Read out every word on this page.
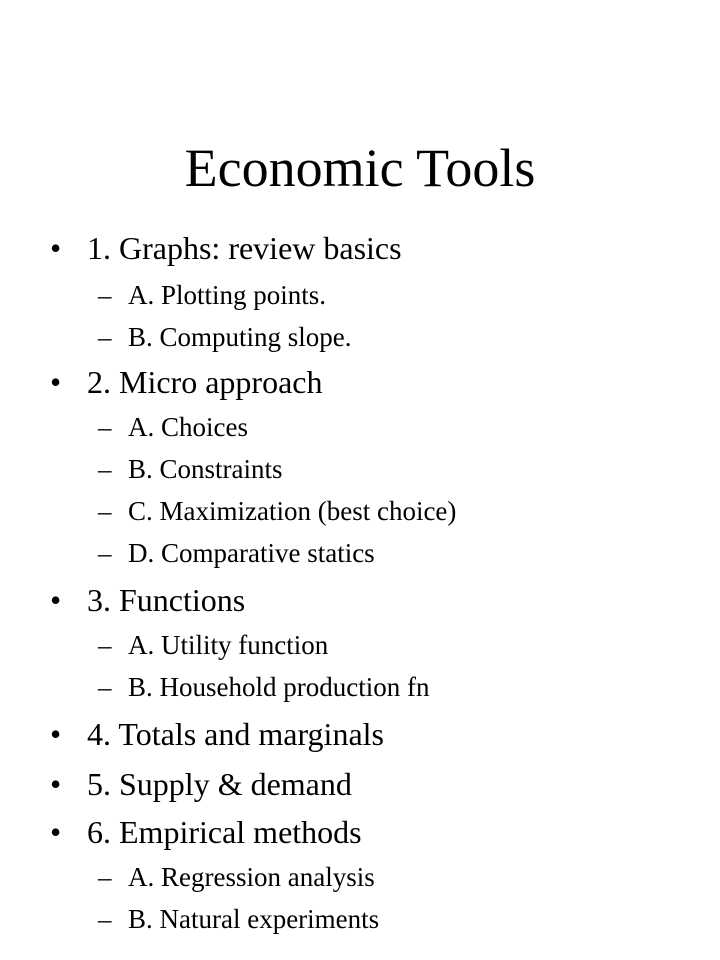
Economic Tools
• 1. Graphs: review basics
– A. Plotting points.
– B. Computing slope.
• 2. Micro approach
– A. Choices
– B. Constraints
– C. Maximization (best choice)
– D. Comparative statics
• 3. Functions
– A. Utility function
– B. Household production fn
• 4. Totals and marginals
• 5. Supply & demand
• 6. Empirical methods
– A. Regression analysis
– B. Natural experiments
